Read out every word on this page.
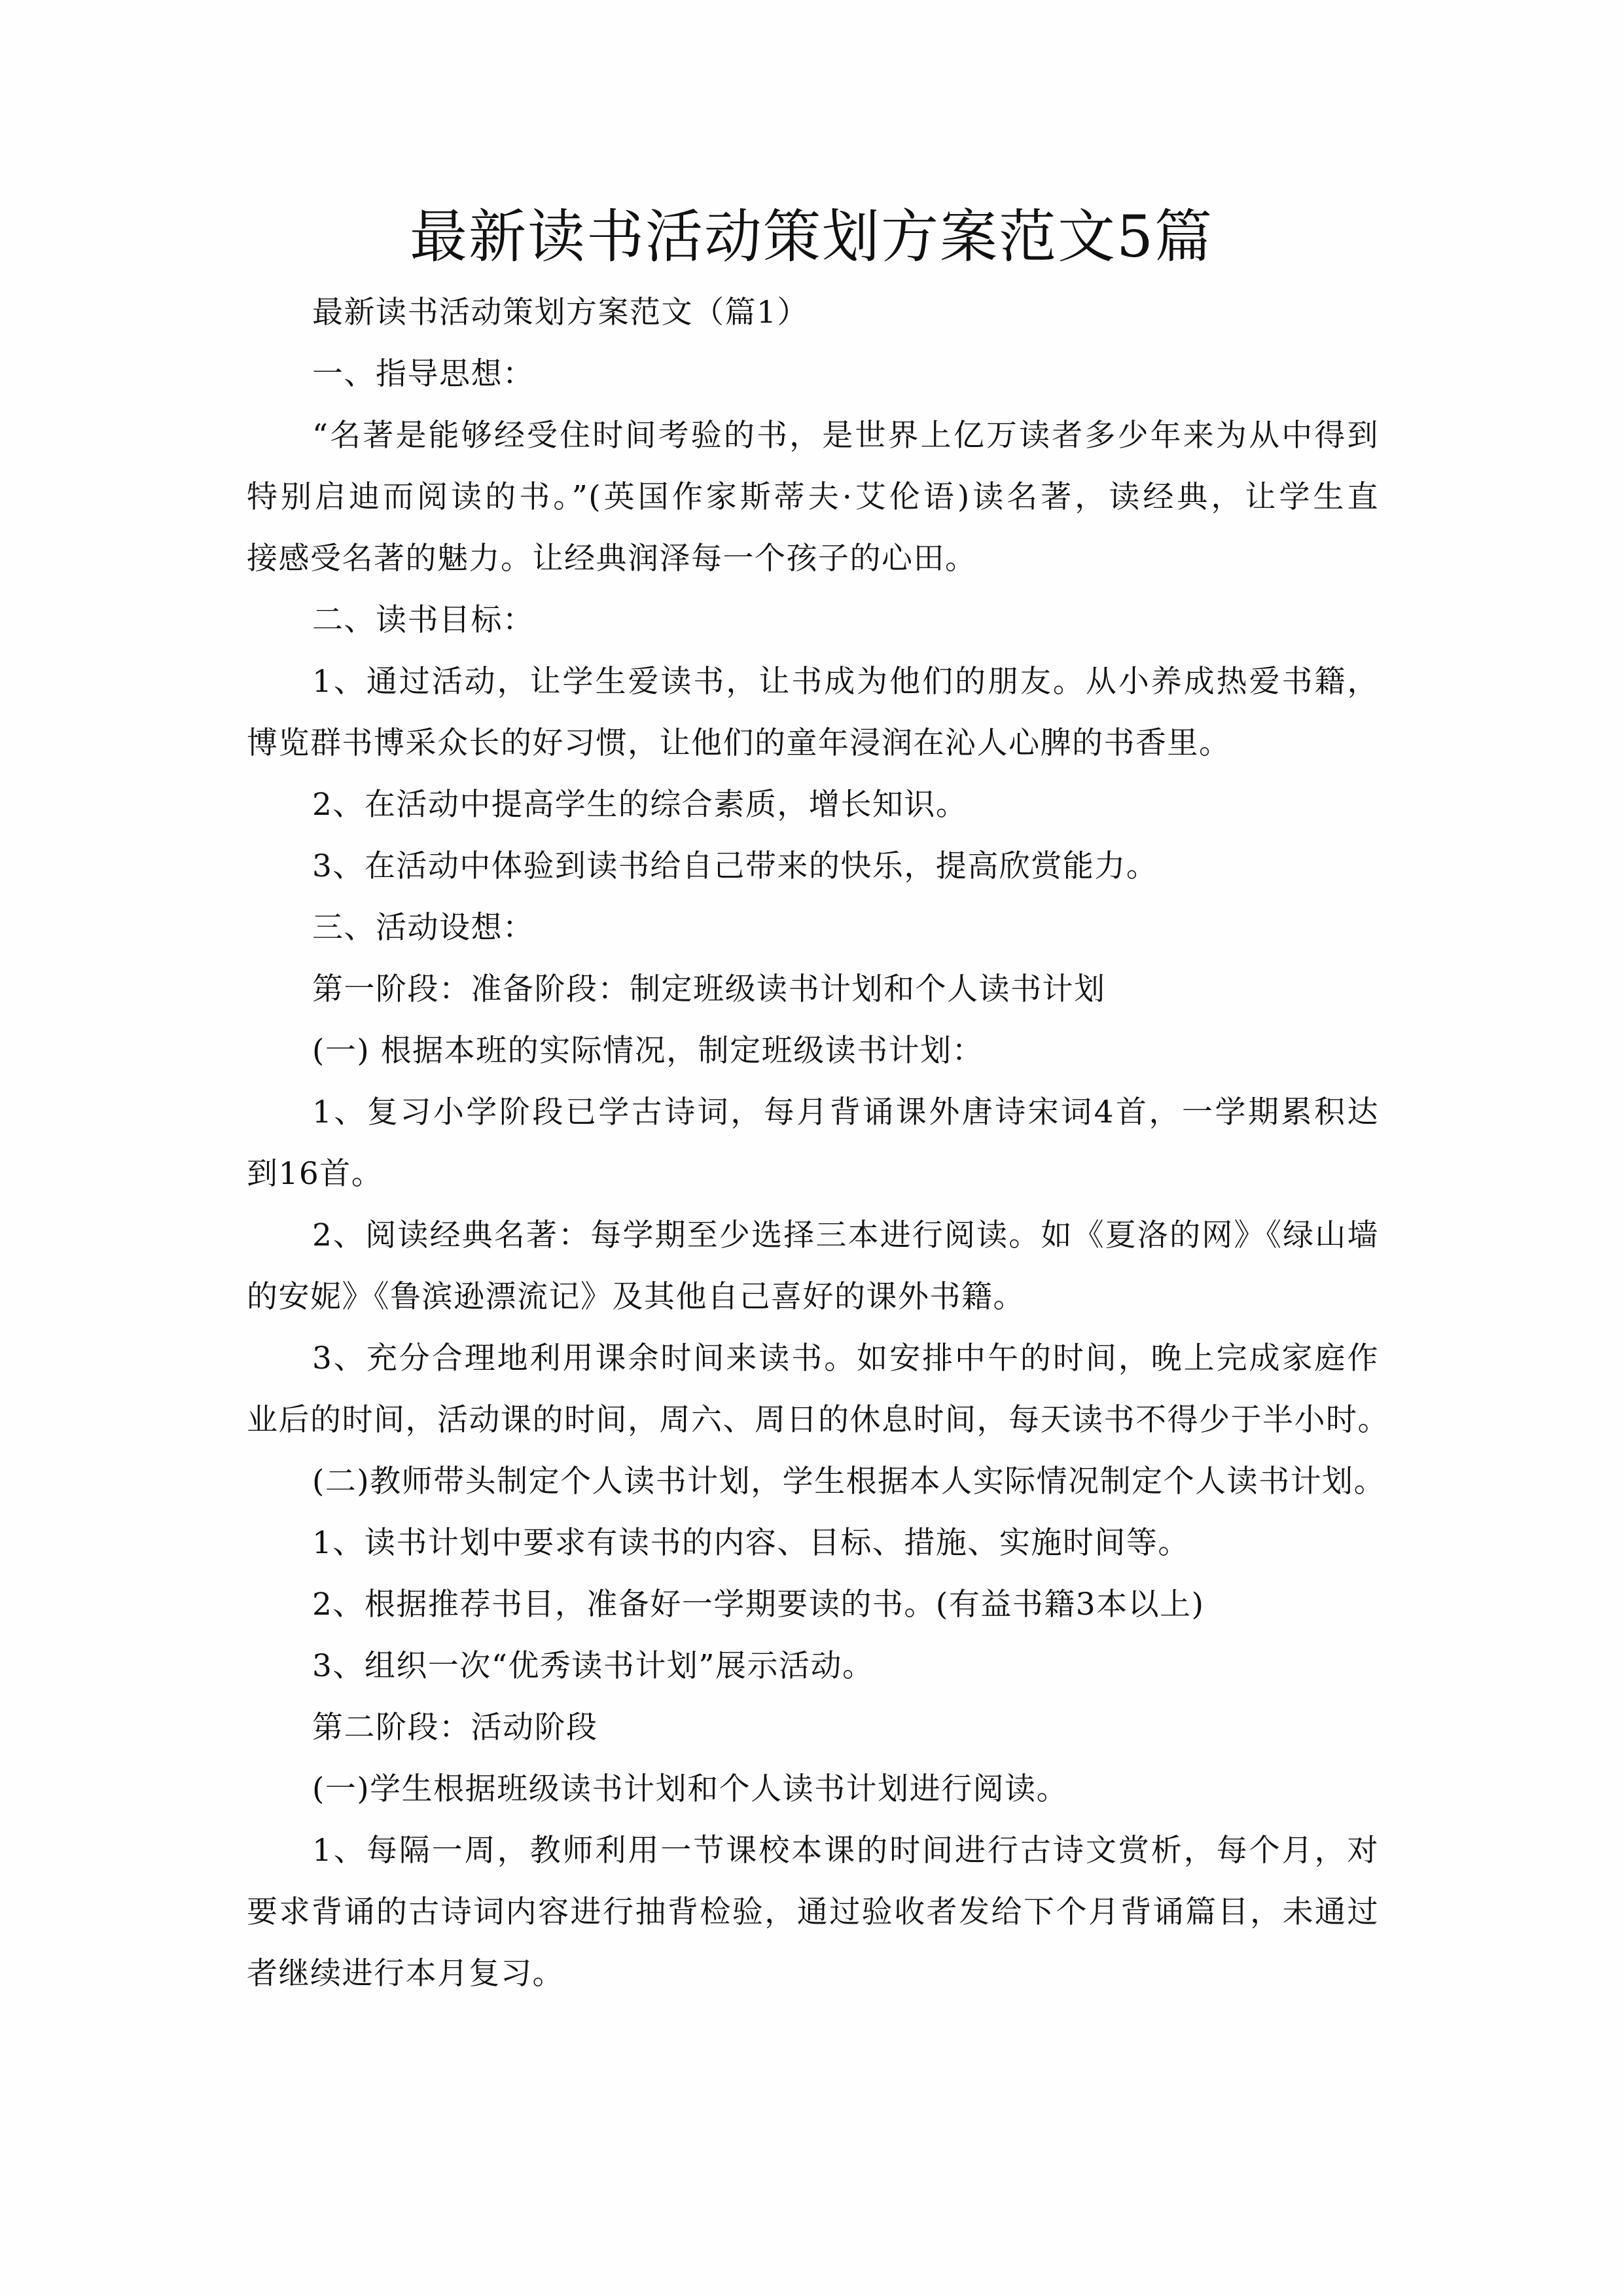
最新读书活动策划方案范文5篇
最新读书活动策划方案范文（篇1）
一、指导思想：
“名著是能够经受住时间考验的书，是世界上亿万读者多少年来为从中得到
特别启迪而阅读的书。”(英国作家斯蒂夫·艾伦语)读名著，读经典，让学生直
接感受名著的魅力。让经典润泽每一个孩子的心田。
二、读书目标：
1、通过活动，让学生爱读书，让书成为他们的朋友。从小养成热爱书籍，
博览群书博采众长的好习惯，让他们的童年浸润在沁人心脾的书香里。
2、在活动中提高学生的综合素质，增长知识。
3、在活动中体验到读书给自己带来的快乐，提高欣赏能力。
三、活动设想：
第一阶段：准备阶段：制定班级读书计划和个人读书计划
(一) 根据本班的实际情况，制定班级读书计划：
1、复习小学阶段已学古诗词，每月背诵课外唐诗宋词4首，一学期累积达
到16首。
2、阅读经典名著：每学期至少选择三本进行阅读。如《夏洛的网》《绿山墙
的安妮》《鲁滨逊漂流记》及其他自己喜好的课外书籍。
3、充分合理地利用课余时间来读书。如安排中午的时间，晚上完成家庭作
业后的时间，活动课的时间，周六、周日的休息时间，每天读书不得少于半小时。
(二)教师带头制定个人读书计划，学生根据本人实际情况制定个人读书计划。
1、读书计划中要求有读书的内容、目标、措施、实施时间等。
2、根据推荐书目，准备好一学期要读的书。(有益书籍3本以上)
3、组织一次“优秀读书计划”展示活动。
第二阶段：活动阶段
(一)学生根据班级读书计划和个人读书计划进行阅读。
1、每隔一周，教师利用一节课校本课的时间进行古诗文赏析，每个月，对
要求背诵的古诗词内容进行抽背检验，通过验收者发给下个月背诵篇目，未通过
者继续进行本月复习。
